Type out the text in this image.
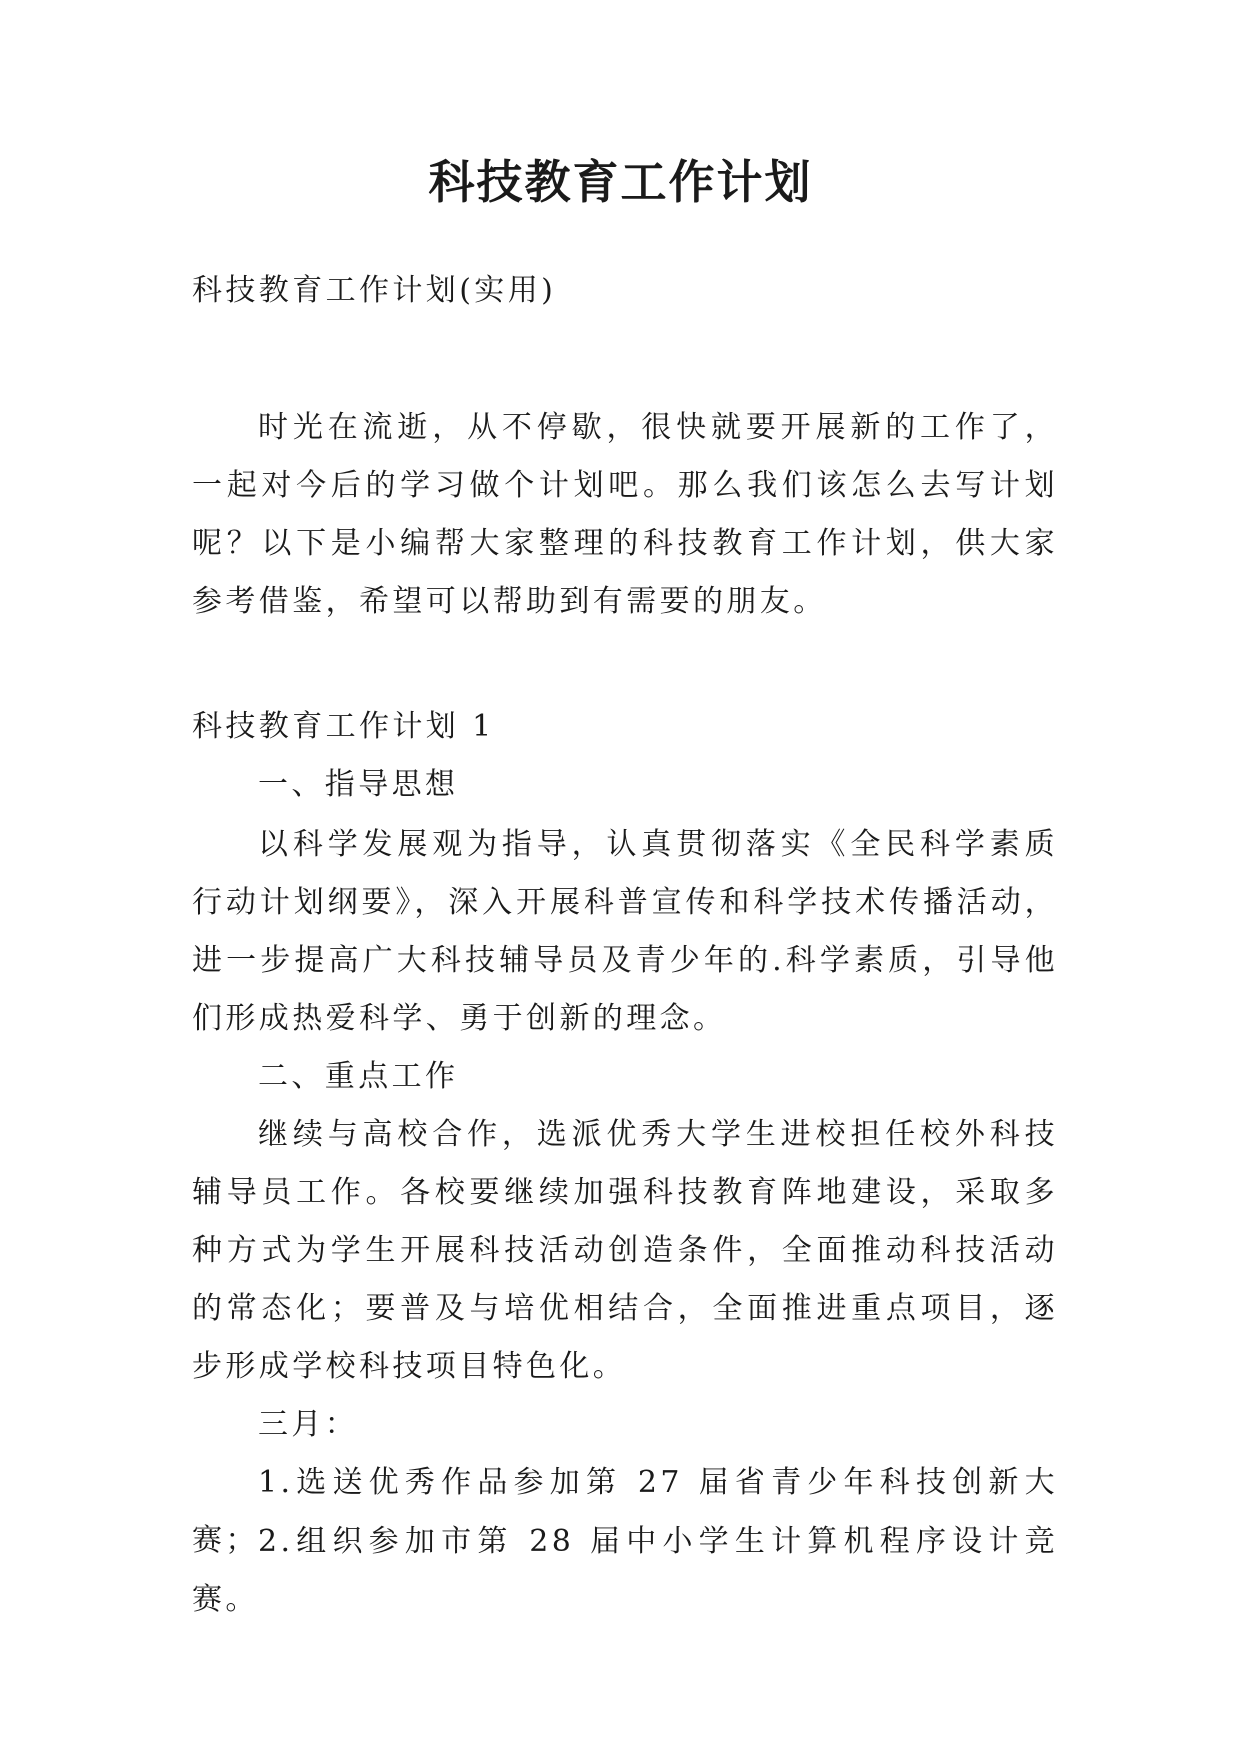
科技教育工作计划
科技教育工作计划(实用)
时光在流逝，从不停歇，很快就要开展新的工作了，一起对今后的学习做个计划吧。那么我们该怎么去写计划呢？以下是小编帮大家整理的科技教育工作计划，供大家参考借鉴，希望可以帮助到有需要的朋友。
科技教育工作计划 1
一、指导思想
以科学发展观为指导，认真贯彻落实《全民科学素质行动计划纲要》，深入开展科普宣传和科学技术传播活动，进一步提高广大科技辅导员及青少年的.科学素质，引导他们形成热爱科学、勇于创新的理念。
二、重点工作
继续与高校合作，选派优秀大学生进校担任校外科技辅导员工作。各校要继续加强科技教育阵地建设，采取多种方式为学生开展科技活动创造条件，全面推动科技活动的常态化；要普及与培优相结合，全面推进重点项目，逐步形成学校科技项目特色化。
三月：
1.选送优秀作品参加第 27 届省青少年科技创新大赛； 2.组织参加市第 28 届中小学生计算机程序设计竞赛。
